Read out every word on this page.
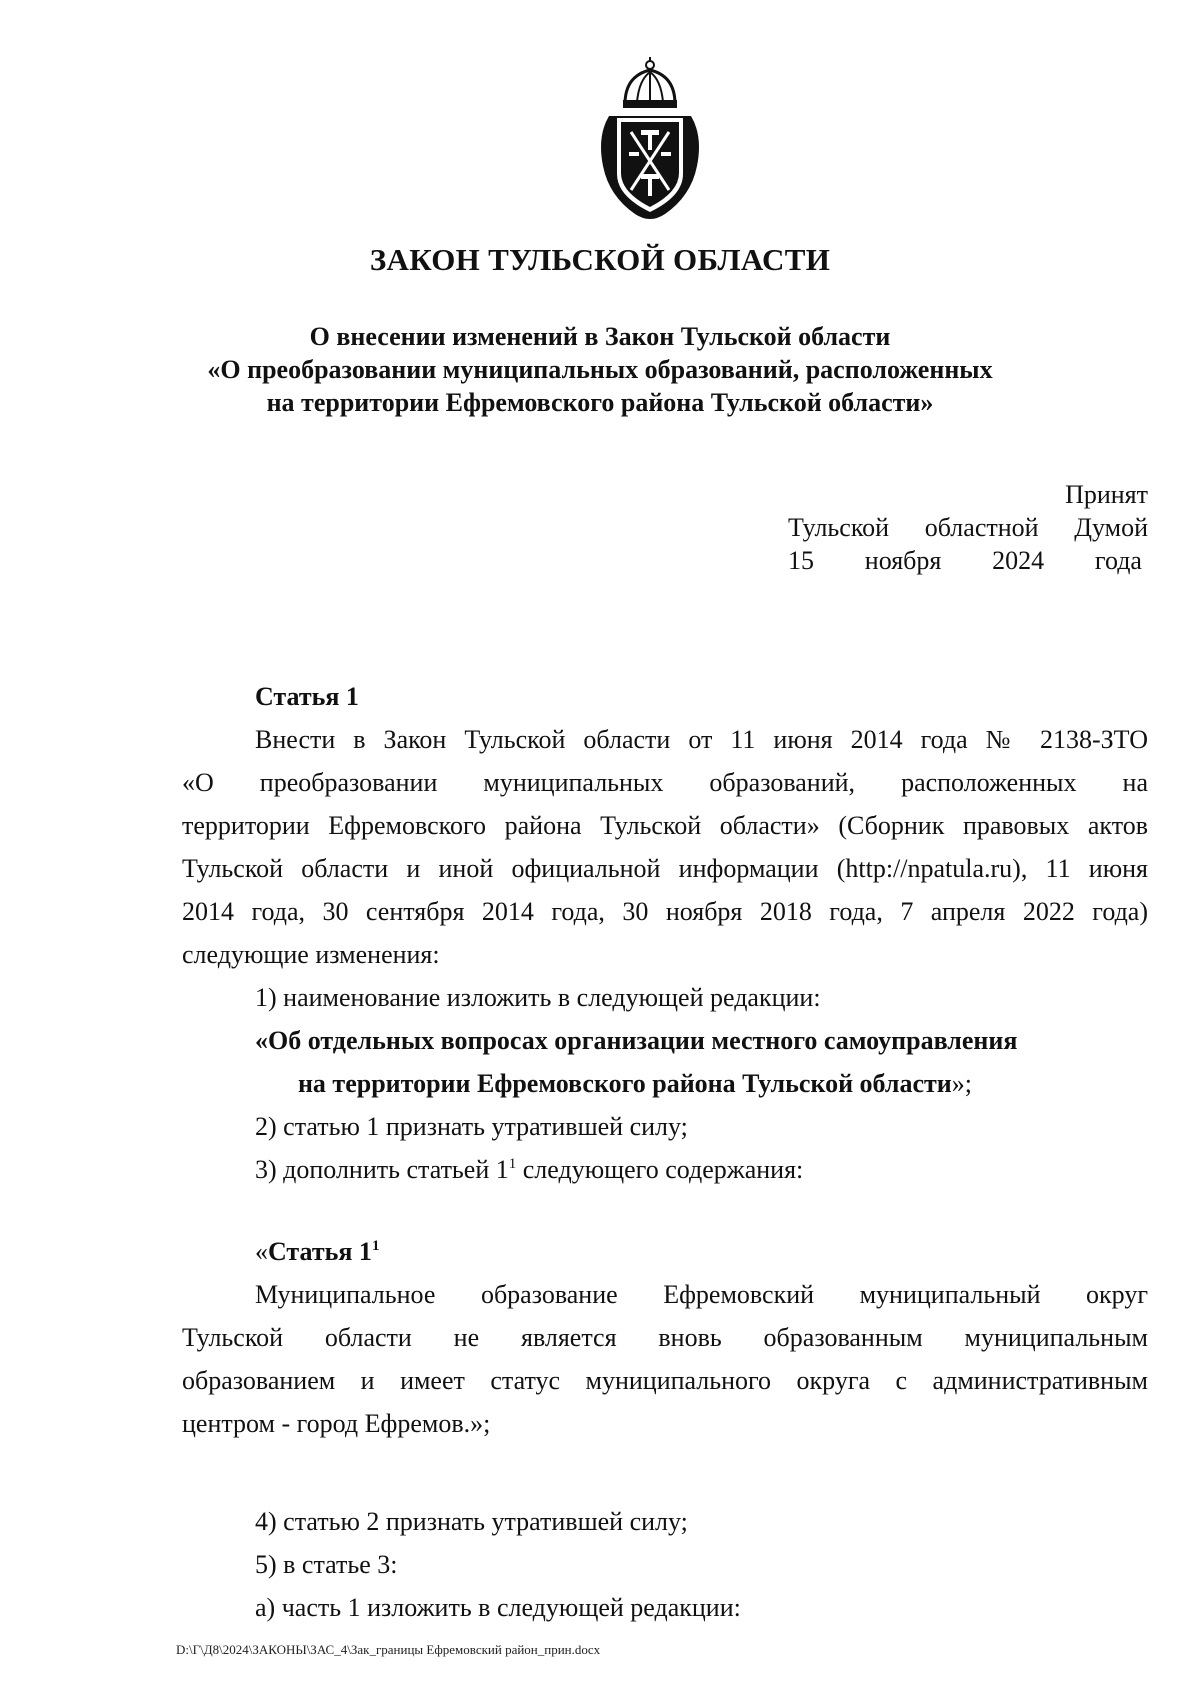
ЗАКОН ТУЛЬСКОЙ ОБЛАСТИ
О внесении изменений в Закон Тульской области
«О преобразовании муниципальных образований, расположенных
на территории Ефремовского района Тульской области»
Принят
Тульской областной Думой
15 ноября 2024 года
Статья 1
Внести в Закон Тульской области от 11 июня 2014 года № 2138-ЗТО
«О преобразовании муниципальных образований, расположенных на
территории Ефремовского района Тульской области» (Сборник правовых актов
Тульской области и иной официальной информации (http://npatula.ru), 11 июня
2014 года, 30 сентября 2014 года, 30 ноября 2018 года, 7 апреля 2022 года)
следующие изменения:
1) наименование изложить в следующей редакции:
«Об отдельных вопросах организации местного самоуправления
на территории Ефремовского района Тульской области»;
2) статью 1 признать утратившей силу;
3) дополнить статьей $1^1$ следующего содержания:
«Статья $1^1$
Муниципальное образование Ефремовский муниципальный округ
Тульской области не является вновь образованным муниципальным
образованием и имеет статус муниципального округа с административным
центром - город Ефремов.»;
4) статью 2 признать утратившей силу;
5) в статье 3:
а) часть 1 изложить в следующей редакции:
D:\Г\Д8\2024\ЗАКОНЫ\ЗАС_4\Зак_границы Ефремовский район_прин.docx
